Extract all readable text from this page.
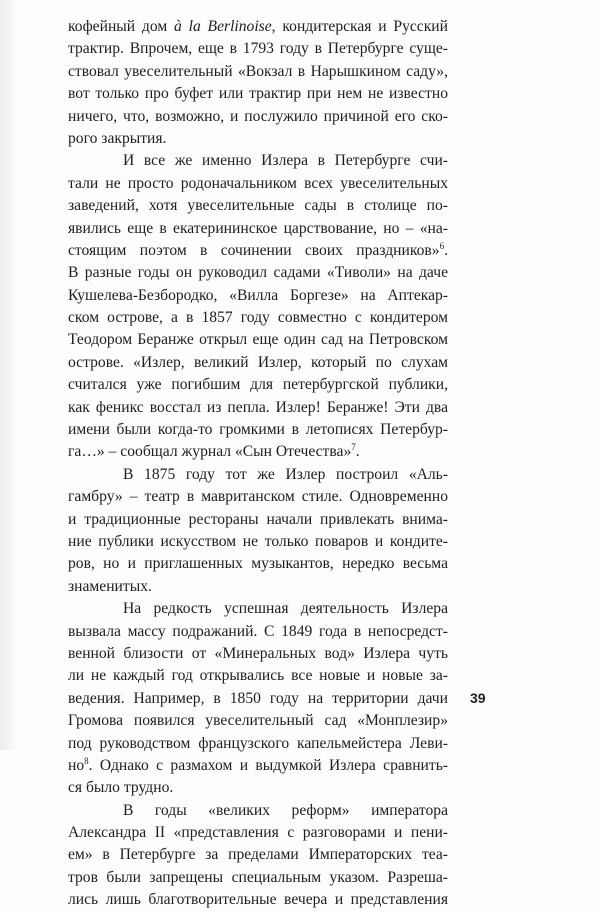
кофейный дом à la Berlinoise, кондитерская и Русский
трактир. Впрочем, еще в 1793 году в Петербурге суще-
ствовал увеселительный «Вокзал в Нарышкином саду»,
вот только про буфет или трактир при нем не известно
ничего, что, возможно, и послужило причиной его ско-
рого закрытия.
И все же именно Излера в Петербурге счи-
тали не просто родоначальником всех увеселительных
заведений, хотя увеселительные сады в столице по-
явились еще в екатерининское царствование, но – «на-
стоящим поэтом в сочинении своих праздников»$^6$.
В разные годы он руководил садами «Тиволи» на даче
Кушелева-Безбородко, «Вилла Боргезе» на Аптекар-
ском острове, а в 1857 году совместно с кондитером
Теодором Беранже открыл еще один сад на Петровском
острове. «Излер, великий Излер, который по слухам
считался уже погибшим для петербургской публики,
как феникс восстал из пепла. Излер! Беранже! Эти два
имени были когда-то громкими в летописях Петербур-
га…» – сообщал журнал «Сын Отечества»$^7$.
В 1875 году тот же Излер построил «Аль-
гамбру» – театр в мавританском стиле. Одновременно
и традиционные рестораны начали привлекать внима-
ние публики искусством не только поваров и кондите-
ров, но и приглашенных музыкантов, нередко весьма
знаменитых.
На редкость успешная деятельность Излера
вызвала массу подражаний. С 1849 года в непосредст-
венной близости от «Минеральных вод» Излера чуть
ли не каждый год открывались все новые и новые за-
ведения. Например, в 1850 году на территории дачи
Громова появился увеселительный сад «Монплезир»
под руководством французского капельмейстера Леви-
$но^8$. Однако с размахом и выдумкой Излера сравнить-
ся было трудно.
В годы «великих реформ» императора
Александра II «представления с разговорами и пени-
ем» в Петербурге за пределами Императорских теа-
тров были запрещены специальным указом. Разреша-
лись лишь благотворительные вечера и представления
39
